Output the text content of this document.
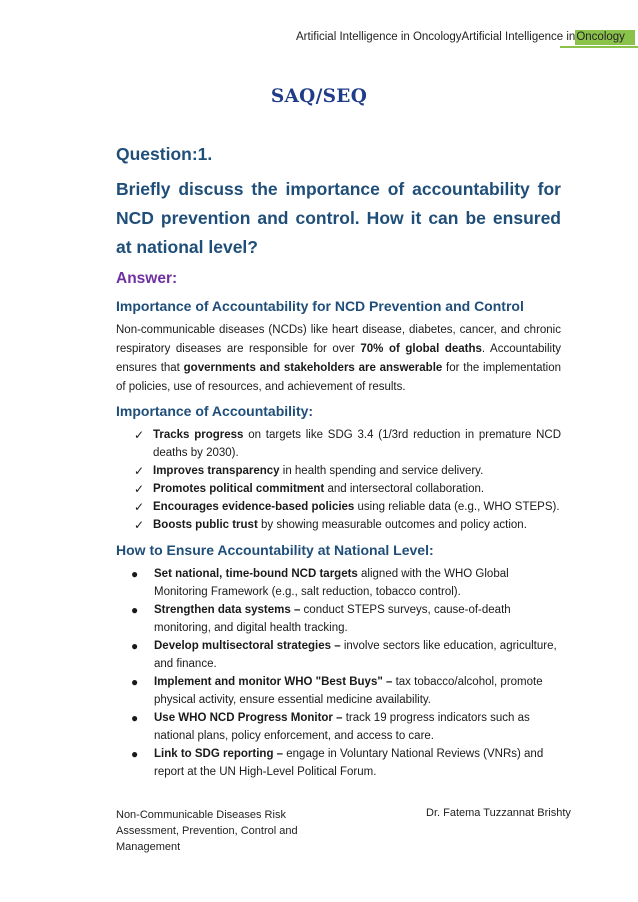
Artificial Intelligence in OncologyArtificial Intelligence inOncology
SAQ/SEQ
Question:1.
Briefly discuss the importance of accountability for NCD prevention and control. How it can be ensured at national level?
Answer:
Importance of Accountability for NCD Prevention and Control
Non-communicable diseases (NCDs) like heart disease, diabetes, cancer, and chronic respiratory diseases are responsible for over 70% of global deaths. Accountability ensures that governments and stakeholders are answerable for the implementation of policies, use of resources, and achievement of results.
Importance of Accountability:
✓ Tracks progress on targets like SDG 3.4 (1/3rd reduction in premature NCD deaths by 2030).
✓ Improves transparency in health spending and service delivery.
✓ Promotes political commitment and intersectoral collaboration.
✓ Encourages evidence-based policies using reliable data (e.g., WHO STEPS).
✓ Boosts public trust by showing measurable outcomes and policy action.
How to Ensure Accountability at National Level:
● Set national, time-bound NCD targets aligned with the WHO Global Monitoring Framework (e.g., salt reduction, tobacco control).
● Strengthen data systems – conduct STEPS surveys, cause-of-death monitoring, and digital health tracking.
● Develop multisectoral strategies – involve sectors like education, agriculture, and finance.
● Implement and monitor WHO "Best Buys" – tax tobacco/alcohol, promote physical activity, ensure essential medicine availability.
● Use WHO NCD Progress Monitor – track 19 progress indicators such as national plans, policy enforcement, and access to care.
● Link to SDG reporting – engage in Voluntary National Reviews (VNRs) and report at the UN High-Level Political Forum.
Non-Communicable Diseases Risk Assessment, Prevention, Control and Management
Dr. Fatema Tuzzannat Brishty
